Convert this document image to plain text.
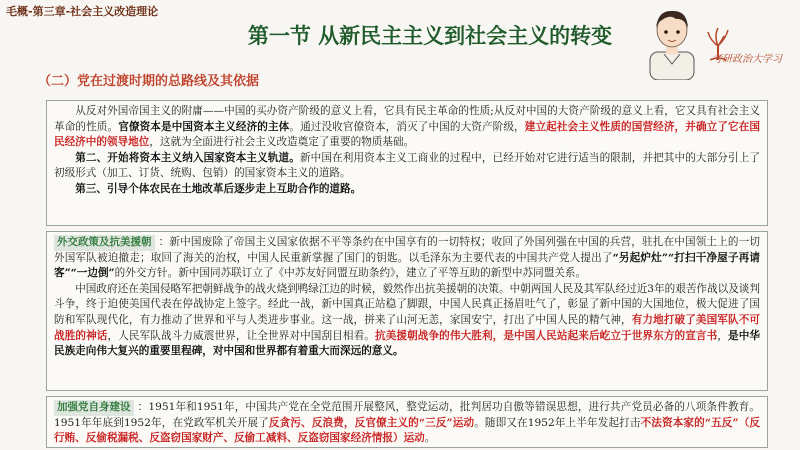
毛概-第三章-社会主义改造理论
第一节 从新民主主义到社会主义的转变
考研政治大学习
（二）党在过渡时期的总路线及其依据
从反对外国帝国主义的附庸——中国的买办资产阶级的意义上看，它具有民主革命的性质;从反对中国的大资产阶级的意义上看，它又具有社会主义革命的性质。官僚资本是中国资本主义经济的主体。通过没收官僚资本，消灭了中国的大资产阶级，建立起社会主义性质的国营经济，并确立了它在国民经济中的领导地位，这就为全面进行社会主义改造奠定了重要的物质基础。
第二、开始将资本主义纳入国家资本主义轨道。新中国在利用资本主义工商业的过程中，已经开始对它进行适当的限制，并把其中的大部分引上了初级形式（加工、订货、统购、包销）的国家资本主义的道路。
第三、引导个体农民在土地改革后逐步走上互助合作的道路。
外交政策及抗美援朝 ：新中国废除了帝国主义国家依据不平等条约在中国享有的一切特权；收回了外国列强在中国的兵营，驻扎在中国领土上的一切外国军队被迫撤走；取回了海关的治权，中国人民重新掌握了国门的钥匙。以毛泽东为主要代表的中国共产党人提出了“另起炉灶”“打扫干净屋子再请客”“一边倒”的外交方针。新中国同苏联订立了《中苏友好同盟互助条约》，建立了平等互助的新型中苏同盟关系。
中国政府还在美国侵略军把朝鲜战争的战火烧到鸭绿江边的时候，毅然作出抗美援朝的决策。中朝两国人民及其军队经过近3年的艰苦作战以及谈判斗争，终于迫使美国代表在停战协定上签字。经此一战，新中国真正站稳了脚跟，中国人民真正扬眉吐气了，彰显了新中国的大国地位，极大促进了国防和军队现代化，有力推动了世界和平与人类进步事业。这一战，拼来了山河无恙，家国安宁，打出了中国人民的精气神，有力地打破了美国军队不可战胜的神话，人民军队战斗力威震世界，让全世界对中国刮目相看。抗美援朝战争的伟大胜利，是中国人民站起来后屹立于世界东方的宣言书，是中华民族走向伟大复兴的重要里程碑，对中国和世界都有着重大而深远的意义。
加强党自身建设 ：1951年和1951年，中国共产党在全党范围开展整风，整党运动，批判居功自傲等错误思想，进行共产党员必备的八项条件教育。1951年年底到1952年，在党政军机关开展了反贪污、反浪费，反官僚主义的“三反”运动。随即又在1952年上半年发起打击不法资本家的“五反”（反行贿、反偷税漏税、反盗窃国家财产、反偷工减料、反盗窃国家经济情报）运动。
